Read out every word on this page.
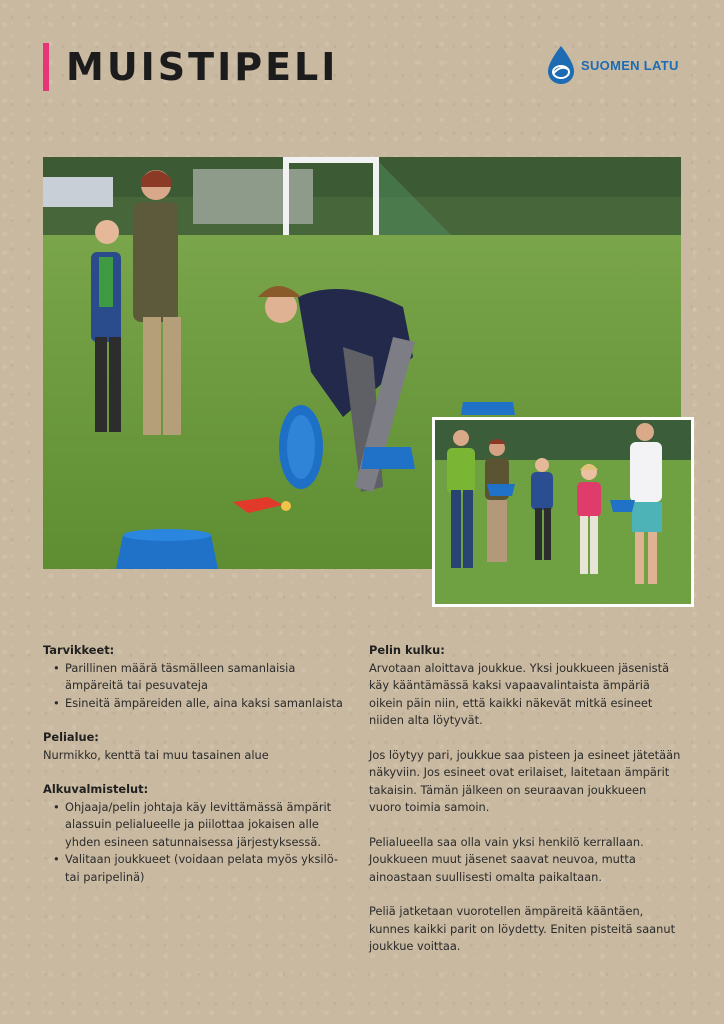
MUISTIPELI	SUOMEN LATU

Tarvikkeet:

• Parillinen määrä täsmälleen samanlaisia ämpäreitä tai pesuvateja
• Esineitä ämpäreiden alle, aina kaksi samanlaista

Pelialue:

Nurmikko, kenttä tai muu tasainen alue

Alkuvalmistelut:

• Ohjaaja/pelin johtaja käy levittämässä ämpärit alassuin pelialueelle ja piilottaa jokaisen alle yhden esineen satunnaisessa järjestyksessä.
• Valitaan joukkueet (voidaan pelata myös yksilö- tai paripelinä)

Pelin kulku:

Arvotaan aloittava joukkue. Yksi joukkueen jäsenistä käy kääntämässä kaksi vapaavalintaista ämpäriä oikein päin niin, että kaikki näkevät mitkä esineet niiden alta löytyvät.

Jos löytyy pari, joukkue saa pisteen ja esineet jätetään näkyviin. Jos esineet ovat erilaiset, laitetaan ämpärit takaisin. Tämän jälkeen on seuraavan joukkueen vuoro toimia samoin.

Pelialueella saa olla vain yksi henkilö kerrallaan. Joukkueen muut jäsenet saavat neuvoa, mutta ainoastaan suullisesti omalta paikaltaan.

Peliä jatketaan vuorotellen ämpäreitä kääntäen, kunnes kaikki parit on löydetty. Eniten pisteitä saanut joukkue voittaa.
